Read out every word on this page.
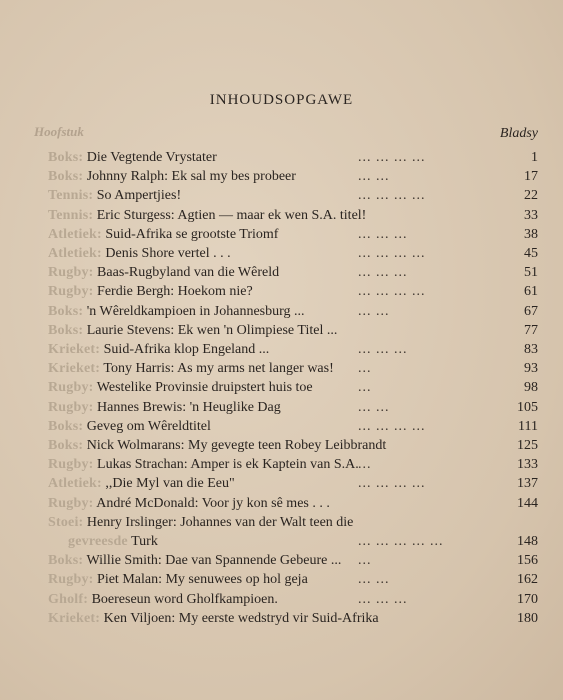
INHOUDSOPGAWE
Hoofstuk	Bladsy
Boks: Die Vegtende Vrystater	... ... ... ...	1
Boks: Johnny Ralph: Ek sal my bes probeer	... ...	17
Tennis: So Ampertjies!	... ... ... ...	22
Tennis: Eric Sturgess: Agtien — maar ek wen S.A. titel!	33
Atletiek: Suid-Afrika se grootste Triomf	... ... ...	38
Atletiek: Denis Shore vertel . . .	... ... ... ...	45
Rugby: Baas-Rugbyland van die Wêreld	... ... ...	51
Rugby: Ferdie Bergh: Hoekom nie?	... ... ... ...	61
Boks: 'n Wêreldkampioen in Johannesburg ...	... ...	67
Boks: Laurie Stevens: Ek wen 'n Olimpiese Titel ...	77
Krieket: Suid-Afrika klop Engeland ...	... ... ...	83
Krieket: Tony Harris: As my arms net langer was! ...	93
Rugby: Westelike Provinsie druipstert huis toe	...	98
Rugby: Hannes Brewis: 'n Heuglike Dag	... ...	105
Boks: Geveg om Wêreldtitel	... ... ... ...	111
Boks: Nick Wolmarans: My gevegte teen Robey Leibbrandt	125
Rugby: Lukas Strachan: Amper is ek Kaptein van S.A. ...	133
Atletiek: ,,Die Myl van die Eeu"	... ... ... ...	137
Rugby: André McDonald: Voor jy kon sê mes . . .	144
Stoei: Henry Irslinger: Johannes van der Walt teen die
gevreesde Turk	... ... ... ... ...	148
Boks: Willie Smith: Dae van Spannende Gebeure ... ...	156
Rugby: Piet Malan: My senuwees op hol geja	... ...	162
Gholf: Boereseun word Gholfkampioen.	... ... ...	170
Krieket: Ken Viljoen: My eerste wedstryd vir Suid-Afrika	180
